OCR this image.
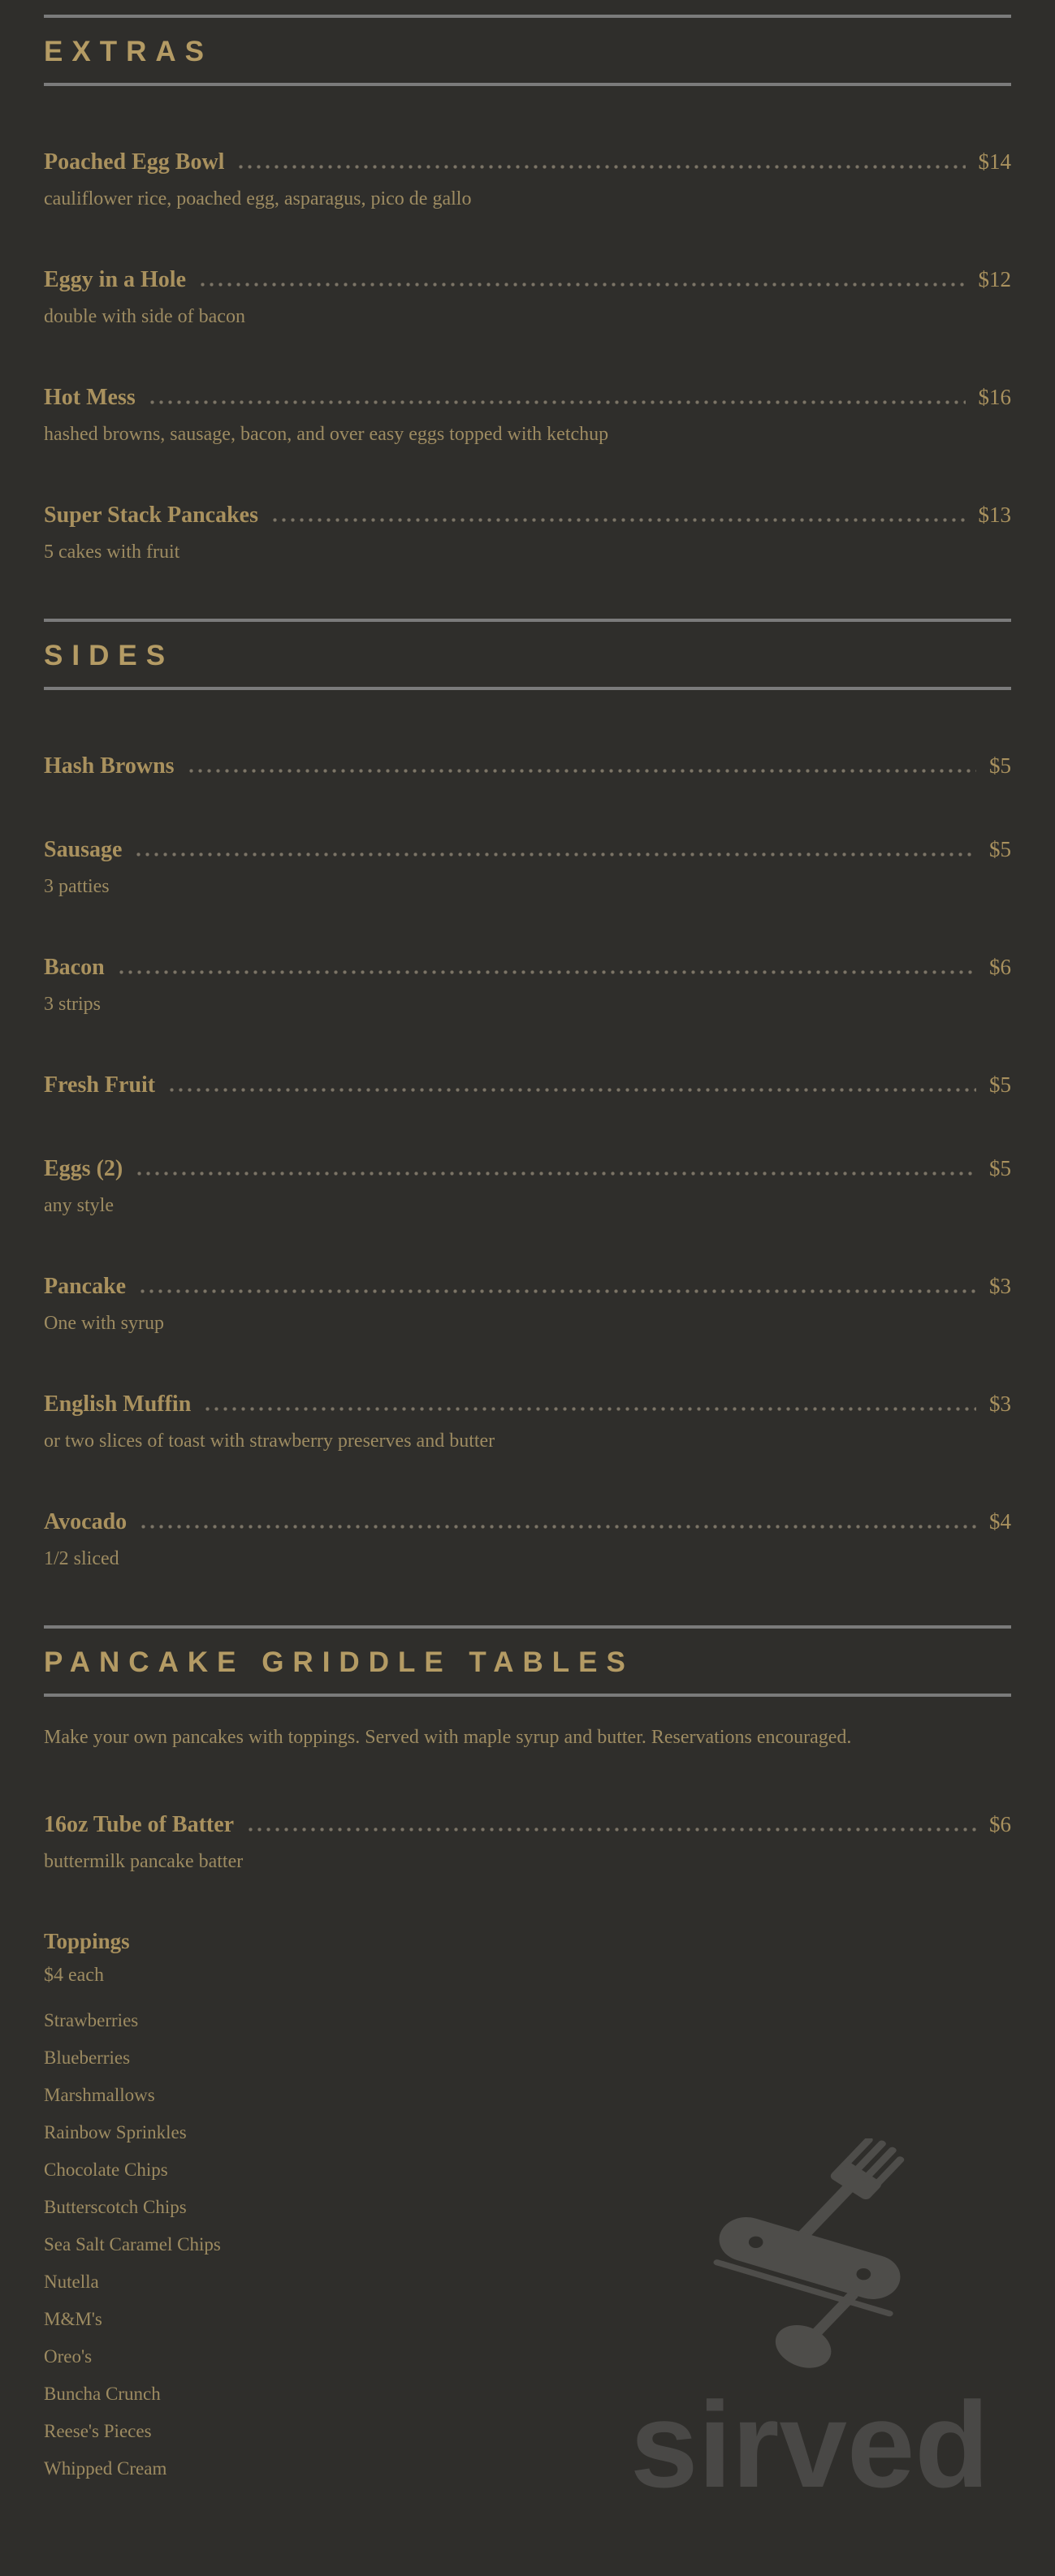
sirved
EXTRAS
Poached Egg Bowl	$14
cauliflower rice, poached egg, asparagus, pico de gallo
Eggy in a Hole	$12
double with side of bacon
Hot Mess	$16
hashed browns, sausage, bacon, and over easy eggs topped with ketchup
Super Stack Pancakes	$13
5 cakes with fruit
SIDES
Hash Browns	$5
Sausage	$5
3 patties
Bacon	$6
3 strips
Fresh Fruit	$5
Eggs (2)	$5
any style
Pancake	$3
One with syrup
English Muffin	$3
or two slices of toast with strawberry preserves and butter
Avocado	$4
1/2 sliced
PANCAKE GRIDDLE TABLES

Make your own pancakes with toppings. Served with maple syrup and butter. Reservations encouraged.

16oz Tube of Batter	$6
buttermilk pancake batter
Toppings
$4 each
Strawberries
Blueberries
Marshmallows
Rainbow Sprinkles
Chocolate Chips
Butterscotch Chips
Sea Salt Caramel Chips
Nutella
M&M's
Oreo's
Buncha Crunch
Reese's Pieces
Whipped Cream
